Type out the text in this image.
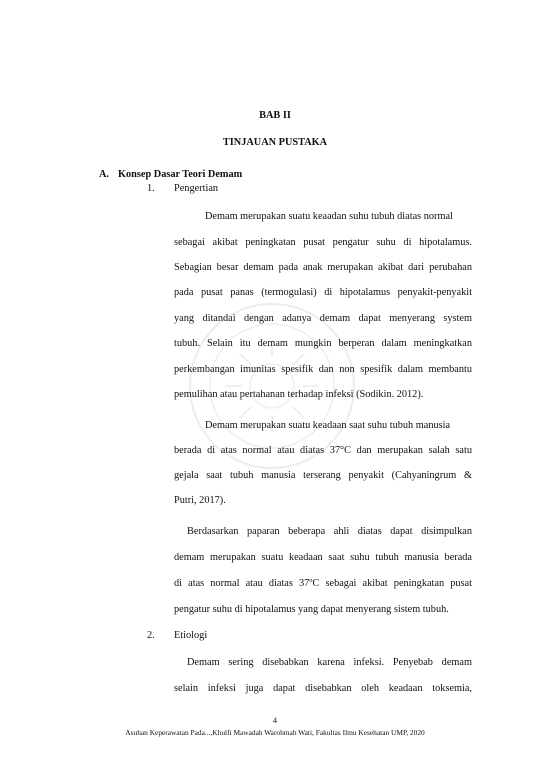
BAB II
TINJAUAN PUSTAKA
A. Konsep Dasar Teori Demam
1. Pengertian
Demam merupakan suatu keaadan suhu tubuh diatas normal
sebagai akibat peningkatan pusat pengatur suhu di hipotalamus.
Sebagian besar demam pada anak merupakan akibat dari perubahan
pada pusat panas (termogulasi) di hipotalamus penyakit-penyakit
yang ditandai dengan adanya demam dapat menyerang system
tubuh. Selain itu demam mungkin berperan dalam meningkatkan
perkembangan imunitas spesifik dan non spesifik dalam membantu
pemulihan atau pertahanan terhadap infeksi (Sodikin. 2012).
Demam merupakan suatu keadaan saat suhu tubuh manusia
berada di atas normal atau diatas 37°C dan merupakan salah satu
gejala saat tubuh manusia terserang penyakit (Cahyaningrum &
Putri, 2017).
Berdasarkan paparan beberapa ahli diatas dapat disimpulkan
demam merupakan suatu keadaan saat suhu tubuh manusia berada
di atas normal atau diatas 37ºC sebagai akibat peningkatan pusat
pengatur suhu di hipotalamus yang dapat menyerang sistem tubuh.
2. Etiologi
Demam sering disebabkan karena infeksi. Penyebab demam
selain infeksi juga dapat disebabkan oleh keadaan toksemia,
4
Asuhan Keperawatan Pada...,Khulfi Mawadah Warohmah Wati, Fakultas Ilmu Kesehatan UMP, 2020
